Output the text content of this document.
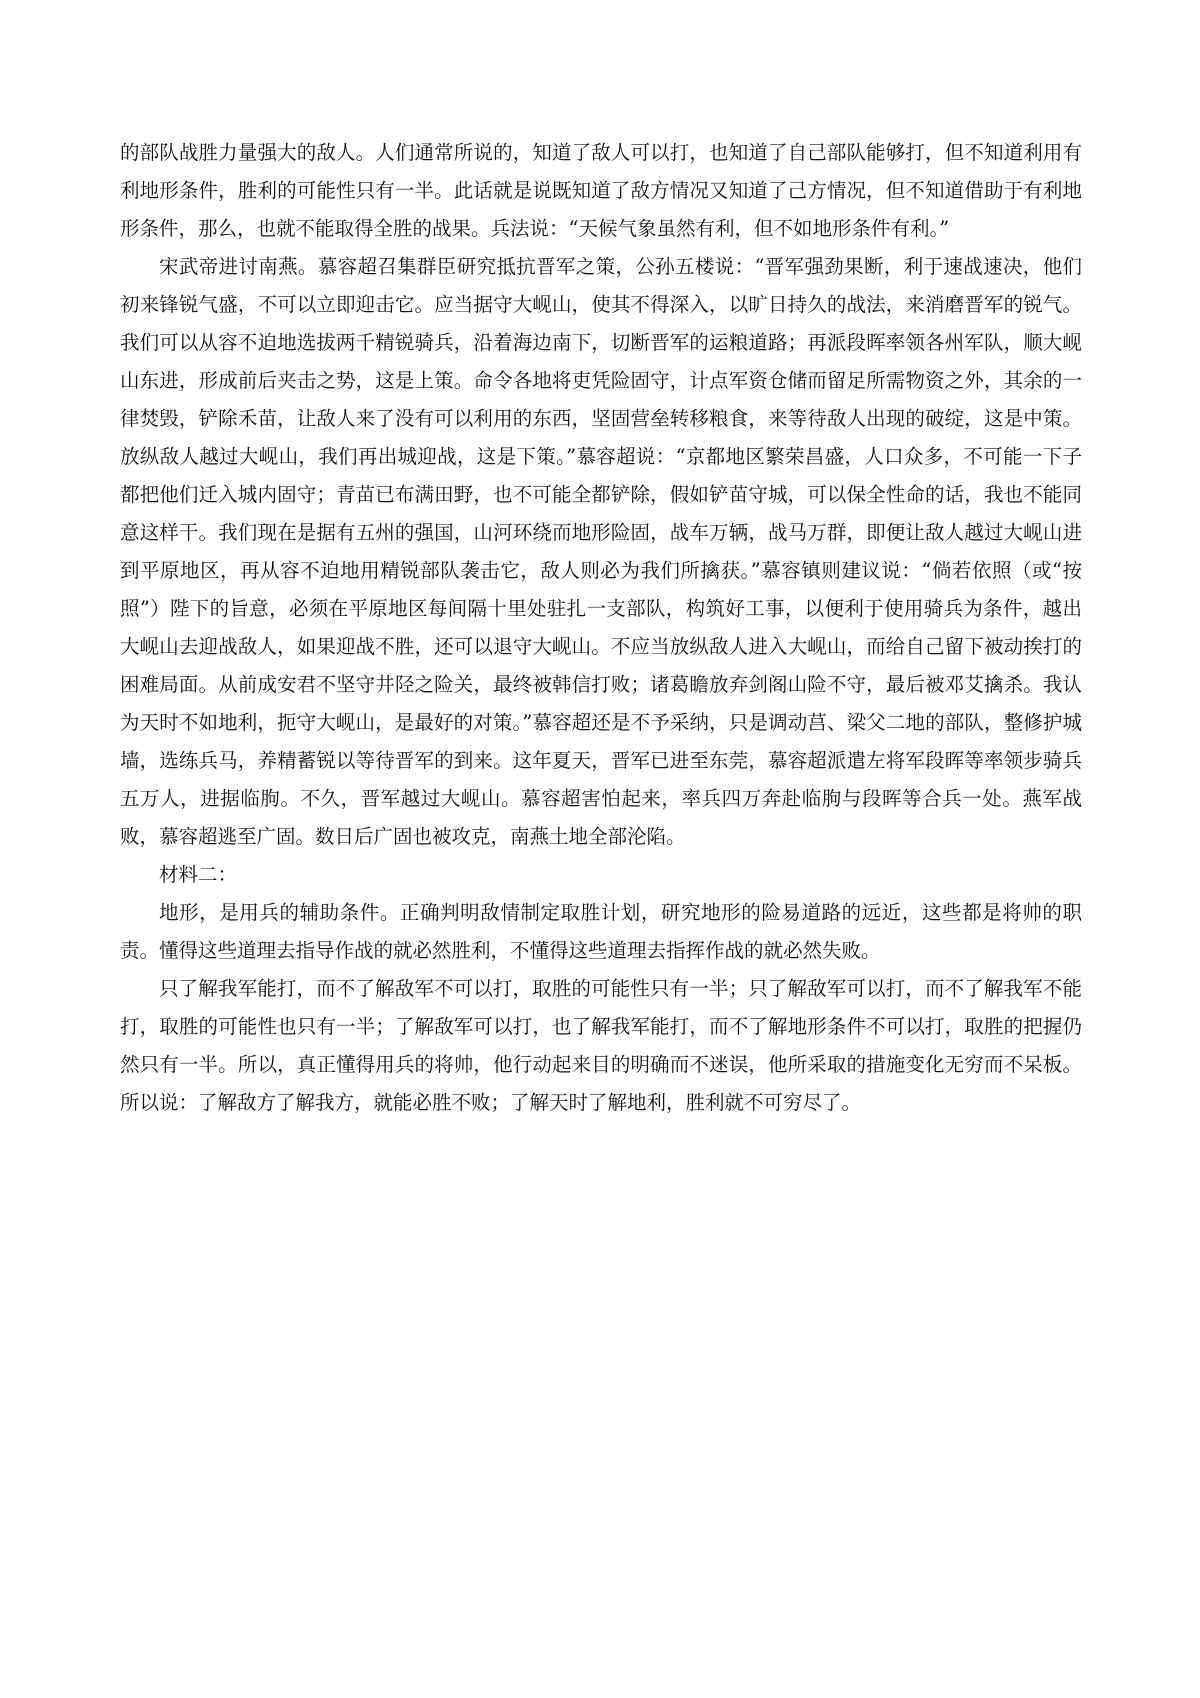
的部队战胜力量强大的敌人。人们通常所说的，知道了敌人可以打，也知道了自己部队能够打，但不知道利用有利地形条件，胜利的可能性只有一半。此话就是说既知道了敌方情况又知道了己方情况，但不知道借助于有利地形条件，那么，也就不能取得全胜的战果。兵法说：“天候气象虽然有利，但不如地形条件有利。”

宋武帝进讨南燕。慕容超召集群臣研究抵抗晋军之策，公孙五楼说：“晋军强劲果断，利于速战速决，他们初来锋锐气盛，不可以立即迎击它。应当据守大岘山，使其不得深入，以旷日持久的战法，来消磨晋军的锐气。我们可以从容不迫地选拔两千精锐骑兵，沿着海边南下，切断晋军的运粮道路；再派段晖率领各州军队，顺大岘山东进，形成前后夹击之势，这是上策。命令各地将吏凭险固守，计点军资仓储而留足所需物资之外，其余的一律焚毁，铲除禾苗，让敌人来了没有可以利用的东西，坚固营垒转移粮食，来等待敌人出现的破绽，这是中策。放纵敌人越过大岘山，我们再出城迎战，这是下策。”慕容超说：“京都地区繁荣昌盛，人口众多，不可能一下子都把他们迁入城内固守；青苗已布满田野，也不可能全都铲除，假如铲苗守城，可以保全性命的话，我也不能同意这样干。我们现在是据有五州的强国，山河环绕而地形险固，战车万辆，战马万群，即便让敌人越过大岘山进到平原地区，再从容不迫地用精锐部队袭击它，敌人则必为我们所擒获。”慕容镇则建议说：“倘若依照（或“按照”）陛下的旨意，必须在平原地区每间隔十里处驻扎一支部队，构筑好工事，以便利于使用骑兵为条件，越出大岘山去迎战敌人，如果迎战不胜，还可以退守大岘山。不应当放纵敌人进入大岘山，而给自己留下被动挨打的困难局面。从前成安君不坚守井陉之险关，最终被韩信打败；诸葛瞻放弃剑阁山险不守，最后被邓艾擒杀。我认为天时不如地利，扼守大岘山，是最好的对策。”慕容超还是不予采纳，只是调动莒、梁父二地的部队，整修护城墙，选练兵马，养精蓄锐以等待晋军的到来。这年夏天，晋军已进至东莞，慕容超派遣左将军段晖等率领步骑兵五万人，进据临朐。不久，晋军越过大岘山。慕容超害怕起来，率兵四万奔赴临朐与段晖等合兵一处。燕军战败，慕容超逃至广固。数日后广固也被攻克，南燕土地全部沦陷。

材料二：

地形，是用兵的辅助条件。正确判明敌情制定取胜计划，研究地形的险易道路的远近，这些都是将帅的职责。懂得这些道理去指导作战的就必然胜利，不懂得这些道理去指挥作战的就必然失败。

只了解我军能打，而不了解敌军不可以打，取胜的可能性只有一半；只了解敌军可以打，而不了解我军不能打，取胜的可能性也只有一半；了解敌军可以打，也了解我军能打，而不了解地形条件不可以打，取胜的把握仍然只有一半。所以，真正懂得用兵的将帅，他行动起来目的明确而不迷误，他所采取的措施变化无穷而不呆板。所以说：了解敌方了解我方，就能必胜不败；了解天时了解地利，胜利就不可穷尽了。
